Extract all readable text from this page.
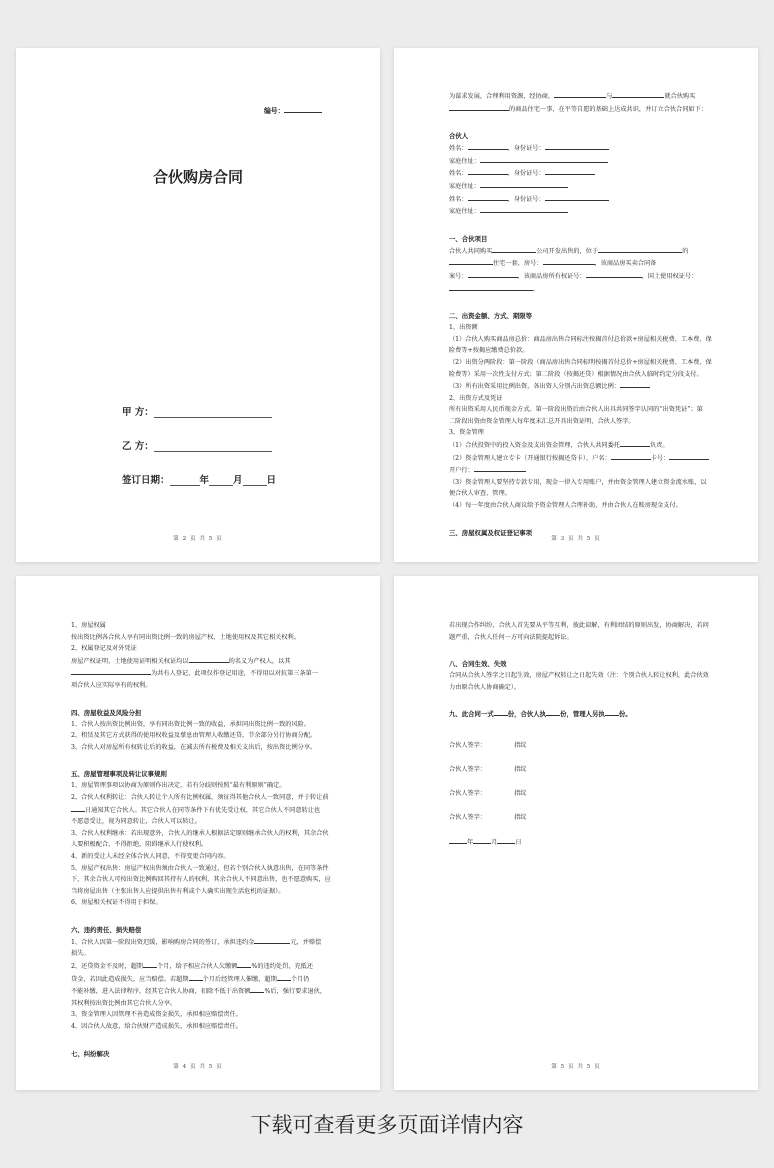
编号：
合伙购房合同
甲 方：
乙 方：
签订日期：	年	月	日
第 2 页 共 5 页
为谋求发展，合理利用资源，经协商，	与	就合伙购买
的商品住宅一事，在平等自愿的基础上达成共识，并订立合伙合同如下：
合伙人
姓名：	，身份证号：
家庭住址：
姓名：	，身份证号：
家庭住址：
姓名：	，身份证号：
家庭住址：
一、合伙项目
合伙人共同购买	公司开发出售的，位于	的
住宅一套，房号：	，该商品房买卖合同备
案号：	，该商品房所有权证号：	，国土使用权证号：
。
二、出资金额、方式、期限等
1、出资额
（1）合伙人购买商品房总价：商品房出售合同标注按揭首付总价款+房屋相关税费、工本费、保
险费等+按揭应缴费总价款。
（2）出资分两阶段：第一阶段（商品房出售合同标明按揭首付总价+房屋相关税费、工本费、保
险费等）采用一次性支付方式；第二阶段（按揭还贷）根据情况由合伙人临时约定分段支付。
（3）所有出资采用比例出资，各出资人分别占出资总额比例：
2、出资方式及凭证
所有出资采用人民币现金方式。第一阶段出资后由合伙人出具共同签字认同的“出资凭证”；第
二阶段出资由资金管理人每年度末汇总开具出资证明，合伙人签字。
3、资金管理
（1）合伙投资中的投入资金及支出资金管理，合伙人共同委托	负责。
（2）资金管理人建立专卡（开通银行按揭还贷卡），户名：	卡号：
开户行：
（3）资金管理人要坚持专款专用，现金一律入专用账户，并由资金管理人建立资金流水账，以
便合伙人审查、管理。
（4）每一年度由合伙人商议给予资金管理人合理补助，并由合伙人在账房现金支付。
三、房屋权属及权证登记事项
第 3 页 共 5 页
1、房屋权属
按出资比例各合伙人享有同出资比例一致的房屋产权、土地使用权及其它相关权利。
2、权属登记及对外凭证
房屋产权证明、土地使用证明相关权证均以	的名义为产权人，以其
为共有人登记，此项仅作登记用途，不得用以对抗第三条第一
项合伙人应实际享有的权利。
四、房屋收益及风险分担
1、合伙人按出资比例出资，享有同出资比例一致的收益，承担同出资比例一致的风险。
2、租赁及其它方式获得的使用权收益及孳息由管理人收缴还贷，节余部分另行协商分配。
3、合伙人对房屋所有权转让后的收益，在减去所有税费及相关支出后，按出资比例分享。
五、房屋管理事项及转让议事规则
1、房屋管理事项以协商为原则作出决定，若有分歧则按照“最有利原则”确定。
2、合伙人权利转让：合伙人转让个人所有比例权属，须征得其他合伙人一致同意，并于转让前
日通知其它合伙人。其它合伙人在同等条件下有优先受让权，其它合伙人不同意转让也
不愿意受让，视为同意转让，合伙人可以转让。
3、合伙人权利继承：若出现意外，合伙人的继承人根据法定原则继承合伙人的权利，其余合伙
人要积极配合，不得拒绝，阻碍继承人行使权利。
4、新的受让人未经全体合伙人同意，不得变更合同内容。
5、房屋产权出售：房屋产权出售须由合伙人一致通过，但若个别合伙人执意出售，在同等条件
下，其余合伙人可按出资比例购回其持有人的权利，其余合伙人不同意出售，也不愿意购买，应
当将房屋出售（主张出售人应提供出售有利或个人确实出现生活危机的证据）。
6、房屋相关权证不得用于担保。
六、违约责任、损失赔偿
1、合伙人因第一阶段出资迟缓，影响购房合同的签订，承担违约金	元，并赔偿
损失。
2、还贷资金不及时，超期 个月，给予相应合伙人欠缴额 %的违约处罚，充抵还
贷金，若因此造成损失，应当赔偿。若超期 个月后经管理人催缴，超期 个月仍
不能补缴，进入法律程序，经其它合伙人协商，扣除不低于出资额 %后，强行要求退伙，
其权利按出资比例由其它合伙人分享。
3、资金管理人因管理不善造成资金损失，承担相应赔偿责任。
4、因合伙人故意，给合伙财产造成损失，承担相应赔偿责任。
七、纠纷解决
第 4 页 共 5 页
若出现合作纠纷，合伙人首先要从平等互利，彼此谅解，有利团结的原则出发，协商解决，若问
题严重，合伙人任何一方可向法院提起诉讼。
八、合同生效、失效
合同从合伙人签字之日起生效，房屋产权转让之日起失效（注：个别合伙人转让权利，此合伙效
力由原合伙人协商确定）。
九、此合同一式 份，合伙人执 份，管理人另执 份。
合伙人签字：	指纹
合伙人签字：	指纹
合伙人签字：	指纹
合伙人签字：	指纹
年	月	日
第 5 页 共 5 页
下载可查看更多页面详情内容
